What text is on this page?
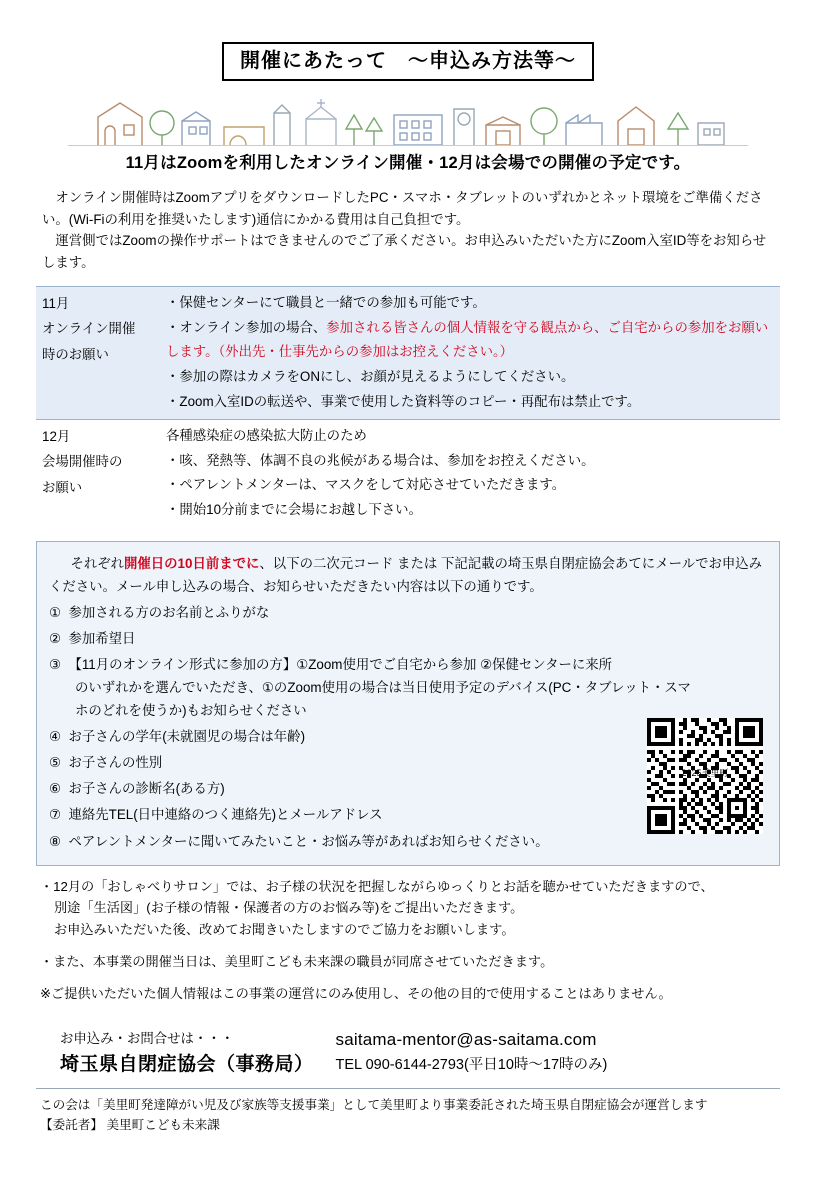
開催にあたって　～申込み方法等～
11月はZoomを利用したオンライン開催・12月は会場での開催の予定です。

オンライン開催時はZoomアプリをダウンロードしたPC・スマホ・タブレットのいずれかとネット環境をご準備ください。(Wi-Fiの利用を推奨いたします)通信にかかる費用は自己負担です。

運営側ではZoomの操作サポートはできませんのでご了承ください。お申込みいただいた方にZoom入室ID等をお知らせします。

11月
オンライン開催
時のお願い

・保健センターにて職員と一緒での参加も可能です。
・オンライン参加の場合、参加される皆さんの個人情報を守る観点から、ご自宅からの参加をお願いします。（外出先・仕事先からの参加はお控えください。）
・参加の際はカメラをONにし、お顔が見えるようにしてください。
・Zoom入室IDの転送や、事業で使用した資料等のコピー・再配布は禁止です。

12月
会場開催時の
お願い

各種感染症の感染拡大防止のため
・咳、発熱等、体調不良の兆候がある場合は、参加をお控えください。
・ペアレントメンターは、マスクをして対応させていただきます。
・開始10分前までに会場にお越し下さい。
それぞれ開催日の10日前までに、以下の二次元コード または 下記記載の埼玉県自閉症協会あてにメールでお申込みください。メール申し込みの場合、お知らせいただきたい内容は以下の通りです。
① 参加される方のお名前とふりがな
② 参加希望日
③ 【11月のオンライン形式に参加の方】①Zoom使用でご自宅から参加 ②保健センターに来所
のいずれかを選んでいただき、①のZoom使用の場合は当日使用予定のデバイス(PC・タブレット・スマ
ホのどれを使うか)もお知らせください
④ お子さんの学年(未就園児の場合は年齢)
⑤ お子さんの性別
⑥ お子さんの診断名(ある方)
⑦ 連絡先TEL(日中連絡のつく連絡先)とメールアドレス
⑧ ペアレントメンターに聞いてみたいこと・お悩み等があればお知らせください。
2025美里町

・12月の「おしゃべりサロン」では、お子様の状況を把握しながらゆっくりとお話を聴かせていただきますので、

別途「生活図」(お子様の情報・保護者の方のお悩み等)をご提出いただきます。

お申込みいただいた後、改めてお聞きいたしますのでご協力をお願いします。

・また、本事業の開催当日は、美里町こども未来課の職員が同席させていただきます。

※ご提供いただいた個人情報はこの事業の運営にのみ使用し、その他の目的で使用することはありません。

お申込み・お問合せは・・・
埼玉県自閉症協会（事務局）
saitama-mentor@as-saitama.com
TEL 090-6144-2793(平日10時～17時のみ)
この会は「美里町発達障がい児及び家族等支援事業」として美里町より事業委託された埼玉県自閉症協会が運営します
【委託者】 美里町こども未来課
